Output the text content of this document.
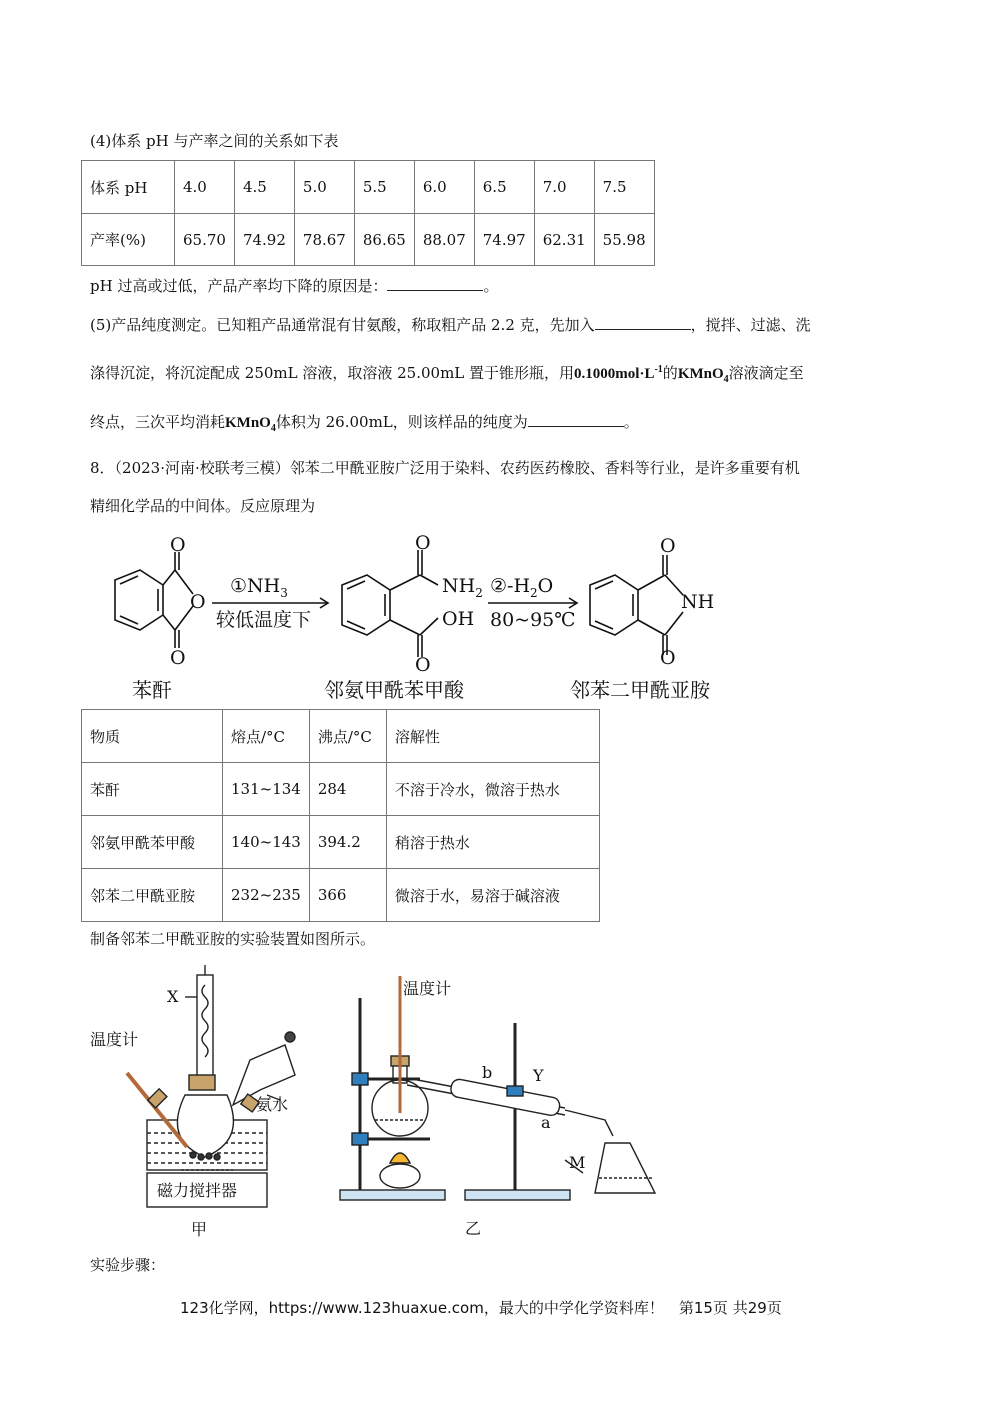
(4)体系 pH 与产率之间的关系如下表
体系 pH	4.0	4.5	5.0	5.5	6.0	6.5	7.0	7.5
产率(%)	65.70	74.92	78.67	86.65	88.07	74.97	62.31	55.98
pH 过高或过低，产品产率均下降的原因是：	。
(5)产品纯度测定。已知粗产品通常混有甘氨酸，称取粗产品 2.2 克，先加入	，搅拌、过滤、洗
涤得沉淀，将沉淀配成 250mL 溶液，取溶液 25.00mL 置于锥形瓶，用$0.1000mol\cdot L^{-1}$的KMnO$_4$溶液滴定至
终点，三次平均消耗KMnO$_4$体积为 26.00mL，则该样品的纯度为	。
8．（2023·河南·校联考三模）邻苯二甲酰亚胺广泛用于染料、农药医药橡胶、香料等行业，是许多重要有机
精细化学品的中间体。反应原理为
O
O
O
O
O
$NH_2$
OH
O
NH
O
$①NH_3$
较低温度下
$②-H_2O$
80~95℃
苯酐	邻氨甲酰苯甲酸	邻苯二甲酰亚胺
物质	熔点/°C	沸点/°C	溶解性
苯酐	131~134	284	不溶于冷水，微溶于热水
邻氨甲酰苯甲酸	140~143	394.2	稍溶于热水
邻苯二甲酰亚胺	232~235	366	微溶于水，易溶于碱溶液
制备邻苯二甲酰亚胺的实验装置如图所示。
X
温度计
氨水
磁力搅拌器
甲
温度计
b	Y
a
M
乙
实验步骤：
123化学网，https://www.123huaxue.com，最大的中学化学资料库！　第15页 共29页
